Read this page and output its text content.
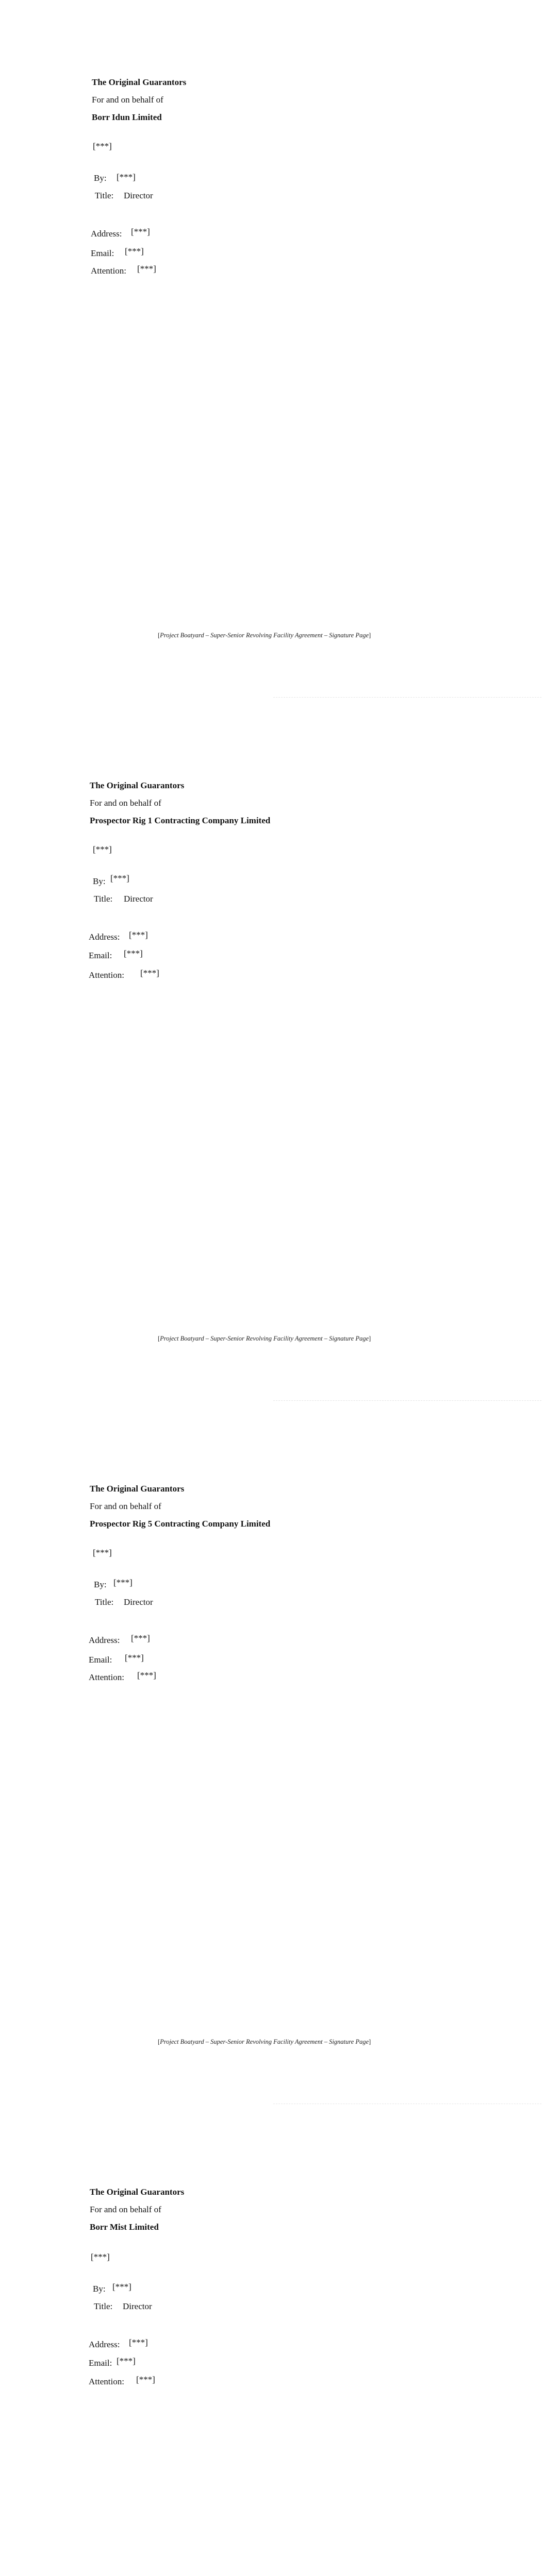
The Original Guarantors
For and on behalf of
Borr Idun Limited
[***]
By: [***]
Title: Director
Address: [***]
Email: [***]
Attention: [***]
[Project Boatyard – Super-Senior Revolving Facility Agreement – Signature Page]
The Original Guarantors
For and on behalf of
Prospector Rig 1 Contracting Company Limited
[***]
By: [***]
Title: Director
Address: [***]
Email: [***]
Attention: [***]
[Project Boatyard – Super-Senior Revolving Facility Agreement – Signature Page]
The Original Guarantors
For and on behalf of
Prospector Rig 5 Contracting Company Limited
[***]
By: [***]
Title: Director
Address: [***]
Email: [***]
Attention: [***]
[Project Boatyard – Super-Senior Revolving Facility Agreement – Signature Page]
The Original Guarantors
For and on behalf of
Borr Mist Limited
[***]
By: [***]
Title: Director
Address: [***]
Email: [***]
Attention: [***]
